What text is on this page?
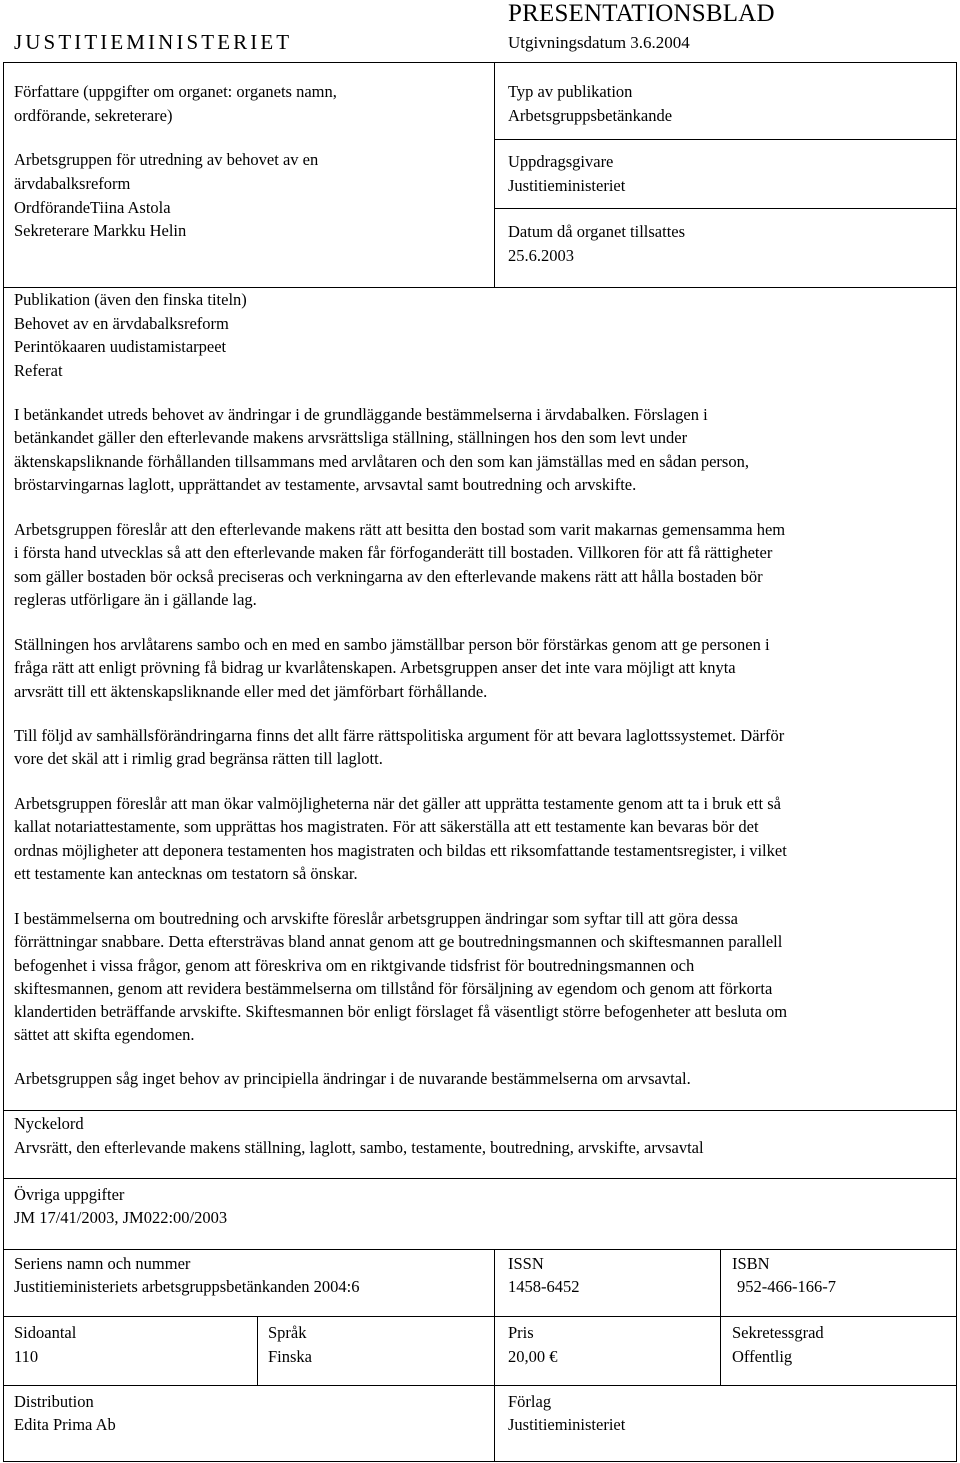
JUSTITIEMINISTERIET
PRESENTATIONSBLAD
Utgivningsdatum 3.6.2004
Författare (uppgifter om organet: organets namn,
ordförande, sekreterare)
Arbetsgruppen för utredning av behovet av en
ärvdabalksreform
OrdförandeTiina Astola
Sekreterare Markku Helin
Typ av publikation
Arbetsgruppsbetänkande
Uppdragsgivare
Justitieministeriet
Datum då organet tillsattes
25.6.2003
Publikation (även den finska titeln)
Behovet av en ärvdabalksreform
Perintökaaren uudistamistarpeet
Referat
I betänkandet utreds behovet av ändringar i de grundläggande bestämmelserna i ärvdabalken. Förslagen i
betänkandet gäller den efterlevande makens arvsrättsliga ställning, ställningen hos den som levt under
äktenskapsliknande förhållanden tillsammans med arvlåtaren och den som kan jämställas med en sådan person,
bröstarvingarnas laglott, upprättandet av testamente, arvsavtal samt boutredning och arvskifte.
Arbetsgruppen föreslår att den efterlevande makens rätt att besitta den bostad som varit makarnas gemensamma hem
i första hand utvecklas så att den efterlevande maken får förfoganderätt till bostaden. Villkoren för att få rättigheter
som gäller bostaden bör också preciseras och verkningarna av den efterlevande makens rätt att hålla bostaden bör
regleras utförligare än i gällande lag.
Ställningen hos arvlåtarens sambo och en med en sambo jämställbar person bör förstärkas genom att ge personen i
fråga rätt att enligt prövning få bidrag ur kvarlåtenskapen. Arbetsgruppen anser det inte vara möjligt att knyta
arvsrätt till ett äktenskapsliknande eller med det jämförbart förhållande.
Till följd av samhällsförändringarna finns det allt färre rättspolitiska argument för att bevara laglottssystemet. Därför
vore det skäl att i rimlig grad begränsa rätten till laglott.
Arbetsgruppen föreslår att man ökar valmöjligheterna när det gäller att upprätta testamente genom att ta i bruk ett så
kallat notariattestamente, som upprättas hos magistraten. För att säkerställa att ett testamente kan bevaras bör det
ordnas möjligheter att deponera testamenten hos magistraten och bildas ett riksomfattande testamentsregister, i vilket
ett testamente kan antecknas om testatorn så önskar.
I bestämmelserna om boutredning och arvskifte föreslår arbetsgruppen ändringar som syftar till att göra dessa
förrättningar snabbare. Detta eftersträvas bland annat genom att ge boutredningsmannen och skiftesmannen parallell
befogenhet i vissa frågor, genom att föreskriva om en riktgivande tidsfrist för boutredningsmannen och
skiftesmannen, genom att revidera bestämmelserna om tillstånd för försäljning av egendom och genom att förkorta
klandertiden beträffande arvskifte. Skiftesmannen bör enligt förslaget få väsentligt större befogenheter att besluta om
sättet att skifta egendomen.
Arbetsgruppen såg inget behov av principiella ändringar i de nuvarande bestämmelserna om arvsavtal.
Nyckelord
Arvsrätt, den efterlevande makens ställning, laglott, sambo, testamente, boutredning, arvskifte, arvsavtal
Övriga uppgifter
JM 17/41/2003, JM022:00/2003
Seriens namn och nummer
Justitieministeriets arbetsgruppsbetänkanden 2004:6
ISSN
1458-6452
ISBN
952-466-166-7
Sidoantal
110
Språk
Finska
Pris
20,00 €
Sekretessgrad
Offentlig
Distribution
Edita Prima Ab
Förlag
Justitieministeriet
